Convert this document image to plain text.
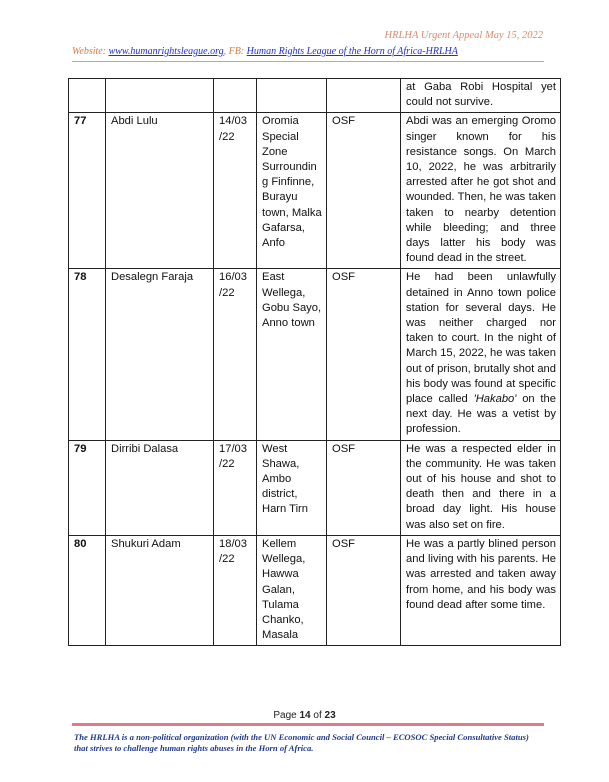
HRLHA Urgent Appeal May 15, 2022
Website: www.humanrightsleague.org, FB: Human Rights League of the Horn of Africa-HRLHA
					at Gaba Robi Hospital yet could not survive.
77	Abdi Lulu	14/03 /22	Oromia Special Zone Surroundin g Finfinne, Burayu town, Malka Gafarsa, Anfo	OSF	Abdi was an emerging Oromo singer known for his resistance songs. On March 10, 2022, he was arbitrarily arrested after he got shot and wounded. Then, he was taken taken to nearby detention while bleeding; and three days latter his body was found dead in the street.
78	Desalegn Faraja	16/03 /22	East Wellega, Gobu Sayo, Anno town	OSF	He had been unlawfully detained in Anno town police station for several days. He was neither charged nor taken to court. In the night of March 15, 2022, he was taken out of prison, brutally shot and his body was found at specific place called 'Hakabo' on the next day. He was a vetist by profession.
79	Dirribi Dalasa	17/03 /22	West Shawa, Ambo district, Harn Tirn	OSF	He was a respected elder in the community. He was taken out of his house and shot to death then and there in a broad day light. His house was also set on fire.
80	Shukuri Adam	18/03 /22	Kellem Wellega, Hawwa Galan, Tulama Chanko, Masala	OSF	He was a partly blined person and living with his parents. He was arrested and taken away from home, and his body was found dead after some time.
Page 14 of 23
The HRLHA is a non-political organization (with the UN Economic and Social Council – ECOSOC Special Consultative Status) that strives to challenge human rights abuses in the Horn of Africa.
